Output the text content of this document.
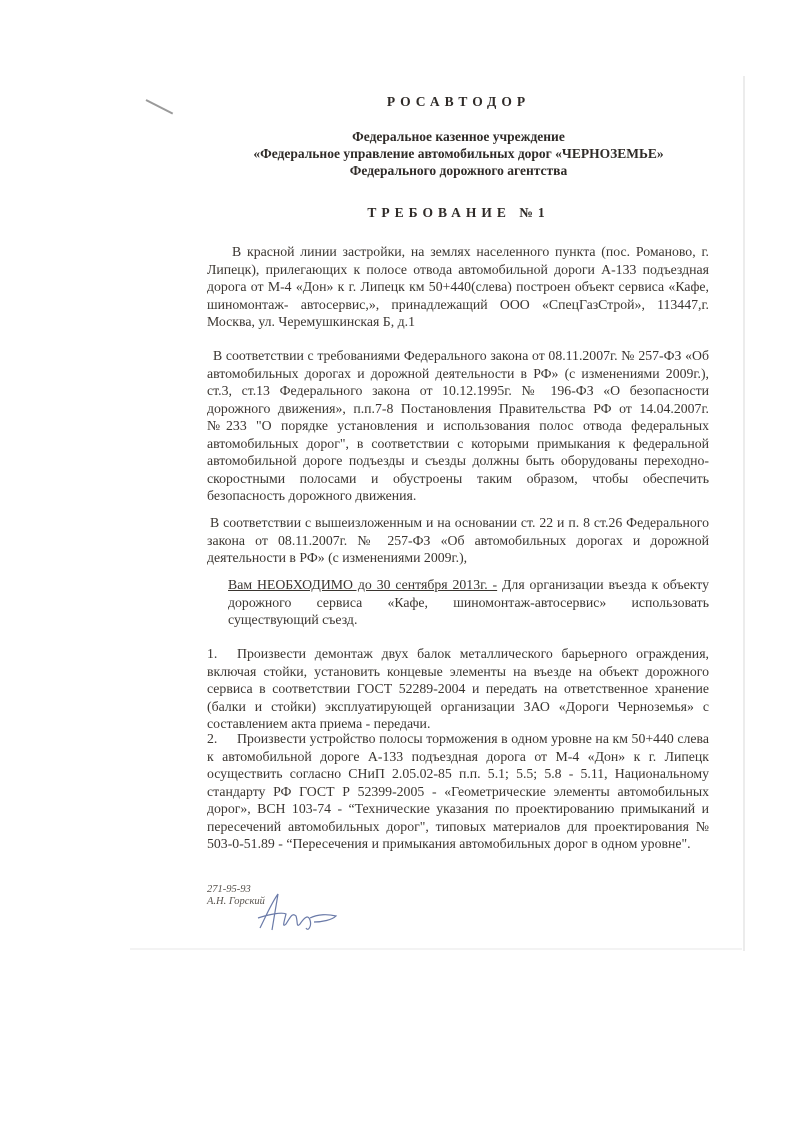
РОСАВТОДОР
Федеральное казенное учреждение
«Федеральное управление автомобильных дорог «ЧЕРНОЗЕМЬЕ»
Федерального дорожного агентства
ТРЕБОВАНИЕ №1
В красной линии застройки, на землях населенного пункта (пос. Романово, г. Липецк), прилегающих к полосе отвода автомобильной дороги А-133 подъездная дорога от М-4 «Дон» к г. Липецк км 50+440(слева) построен объект сервиса «Кафе, шиномонтаж- автосервис,», принадлежащий ООО «СпецГазСтрой», 113447,г. Москва, ул. Черемушкинская Б, д.1
В соответствии с требованиями Федерального закона от 08.11.2007г. № 257-ФЗ «Об автомобильных дорогах и дорожной деятельности в РФ» (с изменениями 2009г.), ст.3, ст.13 Федерального закона от 10.12.1995г. № 196-ФЗ «О безопасности дорожного движения», п.п.7-8 Постановления Правительства РФ от 14.04.2007г. №233 "О порядке установления и использования полос отвода федеральных автомобильных дорог", в соответствии с которыми примыкания к федеральной автомобильной дороге подъезды и съезды должны быть оборудованы переходно-скоростными полосами и обустроены таким образом, чтобы обеспечить безопасность дорожного движения.
В соответствии с вышеизложенным и на основании ст. 22 и п. 8 ст.26 Федерального закона от 08.11.2007г. № 257-ФЗ «Об автомобильных дорогах и дорожной деятельности в РФ» (с изменениями 2009г.),
Вам НЕОБХОДИМО до 30 сентября 2013г. - Для организации въезда к объекту дорожного сервиса «Кафе, шиномонтаж-автосервис» использовать существующий съезд.
1. Произвести демонтаж двух балок металлического барьерного ограждения, включая стойки, установить концевые элементы на въезде на объект дорожного сервиса в соответствии ГОСТ 52289-2004 и передать на ответственное хранение (балки и стойки) эксплуатирующей организации ЗАО «Дороги Черноземья» с составлением акта приема - передачи.
2. Произвести устройство полосы торможения в одном уровне на км 50+440 слева к автомобильной дороге А-133 подъездная дорога от М-4 «Дон» к г. Липецк осуществить согласно СНиП 2.05.02-85 п.п. 5.1; 5.5; 5.8 - 5.11, Национальному стандарту РФ ГОСТ Р 52399-2005 - «Геометрические элементы автомобильных дорог», ВСН 103-74 - “Технические указания по проектированию примыканий и пересечений автомобильных дорог", типовых материалов для проектирования № 503-0-51.89 - “Пересечения и примыкания автомобильных дорог в одном уровне".
271-95-93
А.Н. Горский
